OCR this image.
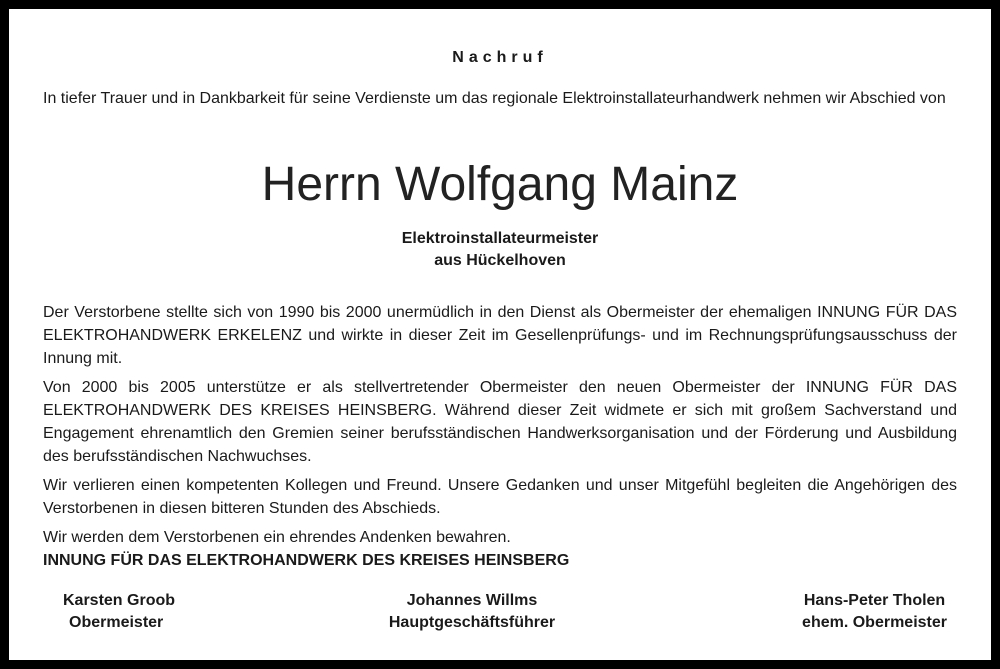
Nachruf
In tiefer Trauer und in Dankbarkeit für seine Verdienste um das regionale Elektroinstallateurhandwerk nehmen wir Abschied von
Herrn Wolfgang Mainz
Elektroinstallateurmeister
aus Hückelhoven

Der Verstorbene stellte sich von 1990 bis 2000 unermüdlich in den Dienst als Obermeister der ehemaligen INNUNG FÜR DAS ELEKTROHANDWERK ERKELENZ und wirkte in dieser Zeit im Gesellenprüfungs- und im Rechnungsprüfungsausschuss der Innung mit.

Von 2000 bis 2005 unterstütze er als stellvertretender Obermeister den neuen Obermeister der INNUNG FÜR DAS ELEKTROHANDWERK DES KREISES HEINSBERG. Während dieser Zeit widmete er sich mit großem Sachverstand und Engagement ehrenamtlich den Gremien seiner berufsständischen Handwerksorganisation und der Förderung und Ausbildung des berufsständischen Nachwuchses.

Wir verlieren einen kompetenten Kollegen und Freund. Unsere Gedanken und unser Mitgefühl begleiten die Angehörigen des Verstorbenen in diesen bitteren Stunden des Abschieds.

Wir werden dem Verstorbenen ein ehrendes Andenken bewahren.

INNUNG FÜR DAS ELEKTROHANDWERK DES KREISES HEINSBERG
Karsten Groob
Obermeister
Johannes Willms
Hauptgeschäftsführer
Hans-Peter Tholen
ehem. Obermeister
